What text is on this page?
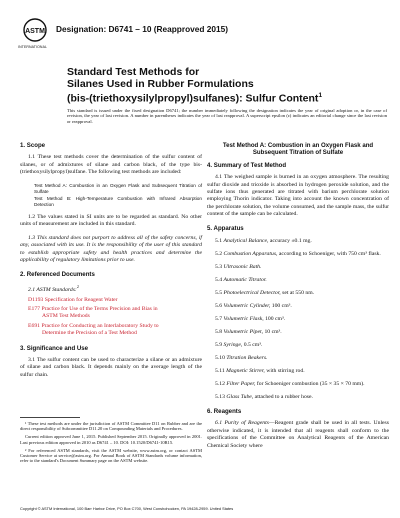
ASTM
INTERNATIONAL
Designation: D6741 – 10 (Reapproved 2015)
Standard Test Methods for
Silanes Used in Rubber Formulations
(bis-(triethoxysilylpropyl)sulfanes): Sulfur Content$^1$
This standard is issued under the fixed designation D6741; the number immediately following the designation indicates the year of original adoption or, in the case of revision, the year of last revision. A number in parentheses indicates the year of last reapproval. A superscript epsilon (ε) indicates an editorial change since the last revision or reapproval.
1. Scope

1.1 These test methods cover the determination of the sulfur content of silanes, or of admixtures of silane and carbon black, of the type bis-(triethoxysilylpropyl)sulfane. The following test methods are included:

Test Method A: Combustion in an Oxygen Flask and Subsequent Titration of Sulfate

Test Method B: High-Temperature Combustion with Infrared Absorption Detection

1.2 The values stated in SI units are to be regarded as standard. No other units of measurement are included in this standard.

1.3 This standard does not purport to address all of the safety concerns, if any, associated with its use. It is the responsibility of the user of this standard to establish appropriate safety and health practices and determine the applicability of regulatory limitations prior to use.

2. Referenced Documents
2.1 ASTM Standards:$^2$
D1193 Specification for Reagent Water
E177 Practice for Use of the Terms Precision and Bias in
ASTM Test Methods
E691 Practice for Conducting an Interlaboratory Study to
Determine the Precision of a Test Method
3. Significance and Use

3.1 The sulfur content can be used to characterize a silane or an admixture of silane and carbon black. It depends mainly on the average length of the sulfur chain.

¹ These test methods are under the jurisdiction of ASTM Committee D11 on Rubber and are the direct responsibility of Subcommittee D11.20 on Compounding Materials and Procedures.

Current edition approved June 1, 2015. Published September 2015. Originally approved in 2001. Last previous edition approved in 2010 as D6741 – 10. DOI: 10.1520/D6741-10R15.

² For referenced ASTM standards, visit the ASTM website, www.astm.org, or contact ASTM Customer Service at service@astm.org. For Annual Book of ASTM Standards volume information, refer to the standard's Document Summary page on the ASTM website.

Test Method A: Combustion in an Oxygen Flask and Subsequent Titration of Sulfate
4. Summary of Test Method

4.1 The weighed sample is burned in an oxygen atmosphere. The resulting sulfur dioxide and trioxide is absorbed in hydrogen peroxide solution, and the sulfate ions thus generated are titrated with barium perchlorate solution employing Thorin indicator. Taking into account the known concentration of the perchlorate solution, the volume consumed, and the sample mass, the sulfur content of the sample can be calculated.

5. Apparatus
5.1 Analytical Balance, accuracy ±0.1 mg.
5.2 Combustion Apparatus, according to Schoeniger, with 750 cm³ flask.
5.3 Ultrasonic Bath.
5.4 Automatic Titrator.
5.5 Photoelectrical Detector, set at 550 nm.
5.6 Volumetric Cylinder, 100 cm³.
5.7 Volumetric Flask, 100 cm³.
5.8 Volumetric Pipet, 10 cm³.
5.9 Syringe, 0.5 cm³.
5.10 Titration Beakers.
5.11 Magnetic Stirrer, with stirring rod.
5.12 Filter Paper, for Schoeniger combustion (35 × 35 × 70 mm).
5.13 Glass Tube, attached to a rubber hose.
6. Reagents

6.1 Purity of Reagents—Reagent grade shall be used in all tests. Unless otherwise indicated, it is intended that all reagents shall conform to the specifications of the Committee on Analytical Reagents of the American Chemical Society where

Copyright © ASTM International, 100 Barr Harbor Drive, PO Box C700, West Conshohocken, PA 19428-2959. United States
